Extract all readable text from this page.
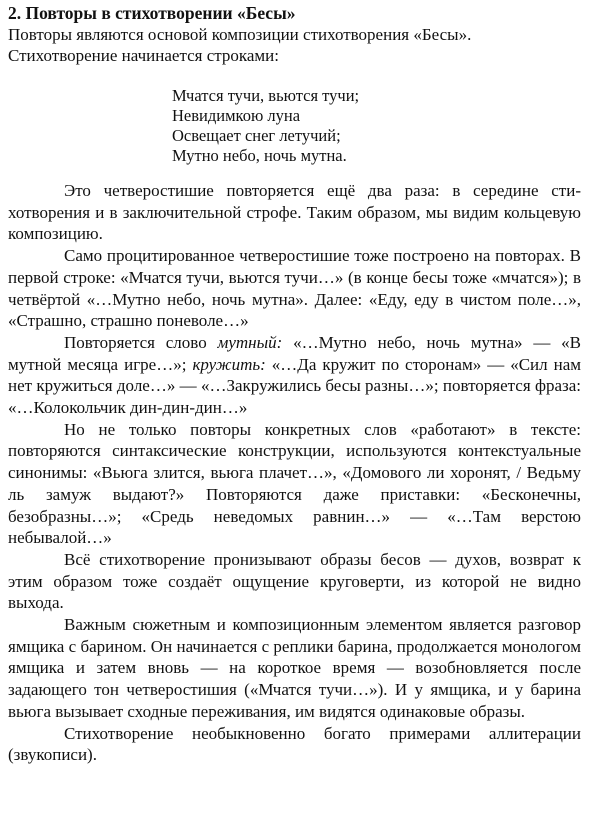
2. Повторы в стихотворении «Бесы»

Повторы являются основой композиции стихотворения «Бесы». Стихотворение начинается строками:

Мчатся тучи, вьются тучи;
Невидимкою луна
Освещает снег летучий;
Мутно небо, ночь мутна.

Это четверостишие повторяется ещё два раза: в середине стихотворения и в заключительной строфе. Таким образом, мы видим кольцевую композицию.

Само процитированное четверостишие тоже построено на повторах. В первой строке: «Мчатся тучи, вьются тучи…» (в конце бесы тоже «мчатся»); в четвёртой «…Мутно небо, ночь мутна». Далее: «Еду, еду в чистом поле…», «Страшно, страшно поневоле…»

Повторяется слово мутный: «…Мутно небо, ночь мутна» — «В мутной месяца игре…»; кружить: «…Да кружит по сторонам» — «Сил нам нет кружиться доле…» — «…Закружились бесы разны…»; повторяется фраза: «…Колокольчик дин-дин-дин…»

Но не только повторы конкретных слов «работают» в тексте: повторяются синтаксические конструкции, используются контекстуальные синонимы: «Вьюга злится, вьюга плачет…», «Домового ли хоронят, / Ведьму ль замуж выдают?» Повторяются даже приставки: «Бесконечны, безобразны…»; «Средь неведомых равнин…» — «…Там верстою небывалой…»

Всё стихотворение пронизывают образы бесов — духов, возврат к этим образом тоже создаёт ощущение круговерти, из которой не видно выхода.

Важным сюжетным и композиционным элементом является разговор ямщика с барином. Он начинается с реплики барина, продолжается монологом ямщика и затем вновь — на короткое время — возобновляется после задающего тон четверостишия («Мчатся тучи…»). И у ямщика, и у барина вьюга вызывает сходные переживания, им видятся одинаковые образы.

Стихотворение необыкновенно богато примерами аллитерации (звукописи).
